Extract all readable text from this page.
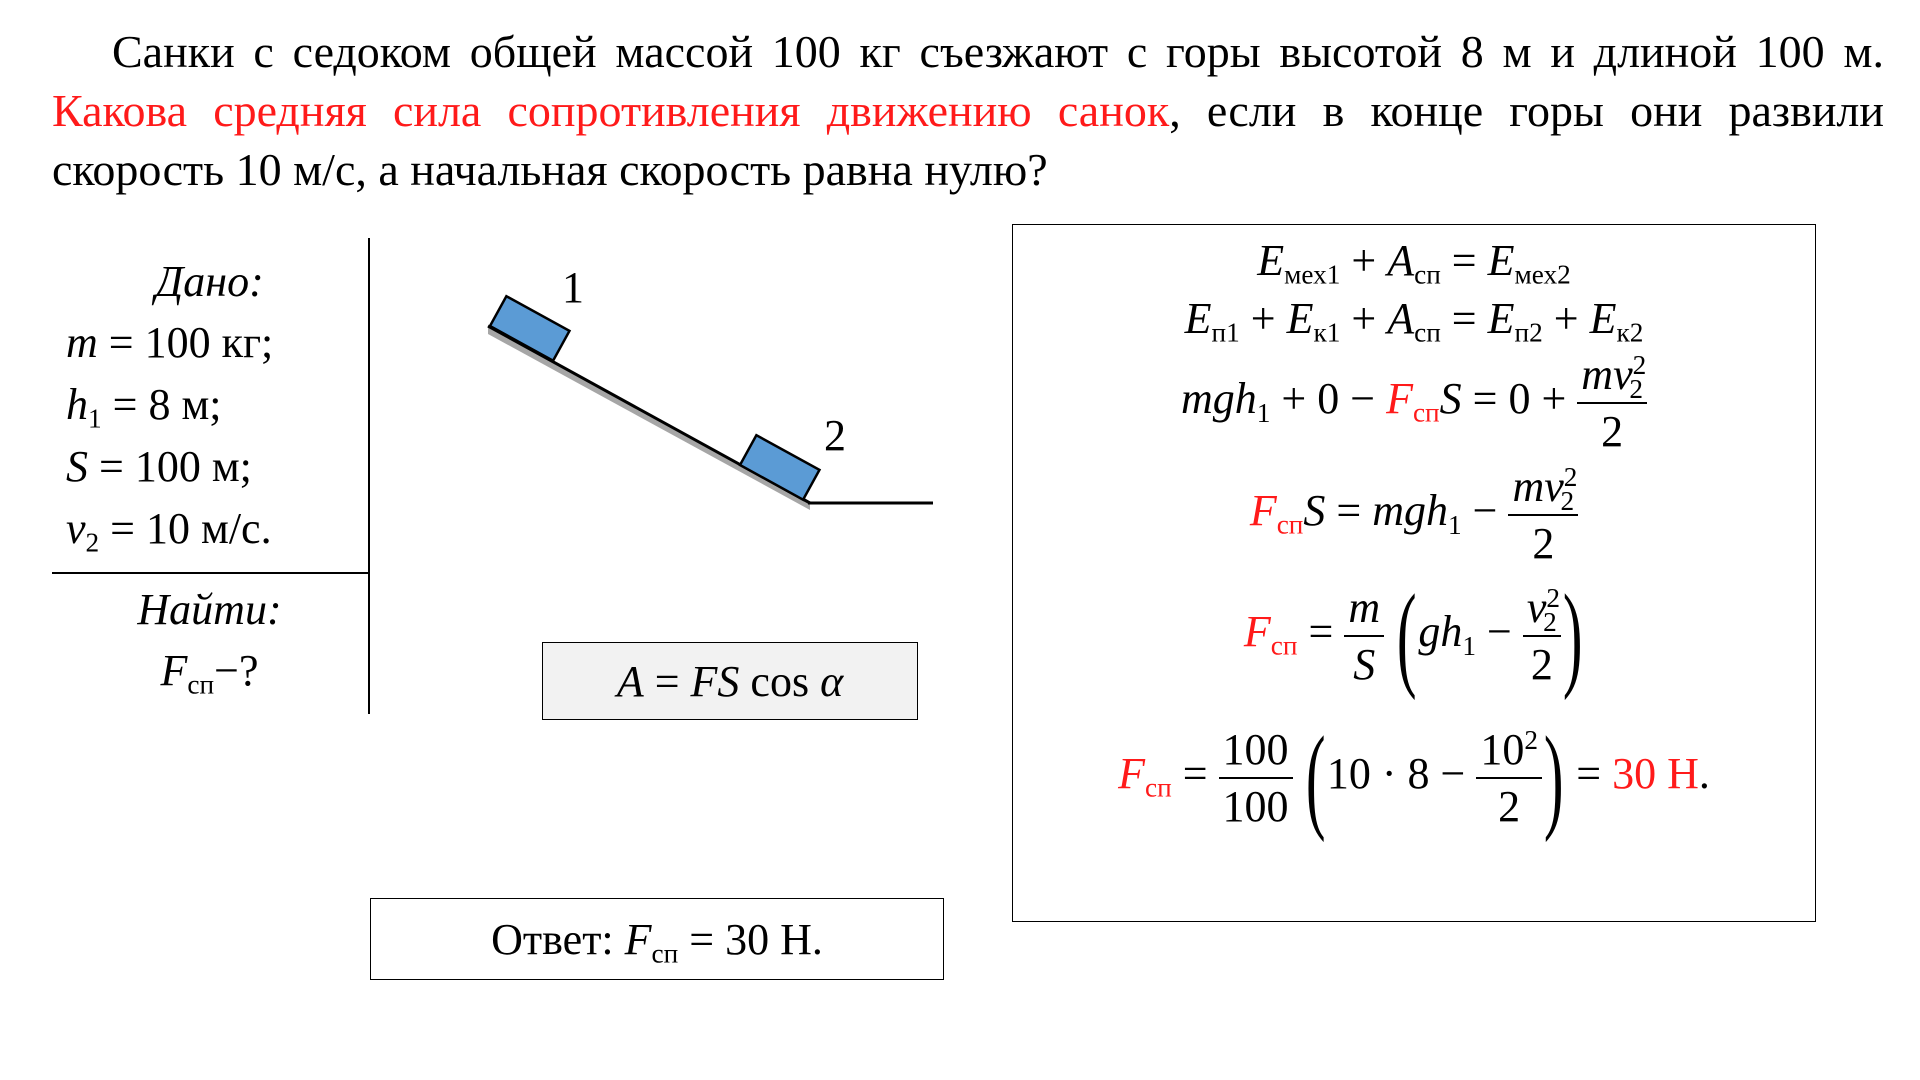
Санки с седоком общей массой 100 кг съезжают с горы высотой 8 м и длиной 100 м. Какова средняя сила сопротивления движению санок, если в конце горы они развили скорость 10 м/с, а начальная скорость равна нулю?
Дано:
m = 100 кг;
$h_1 = 8$ м;
S = 100 м;
$v_2 = 10$ м/с.
Найти:
$F_{сп}-$?
1
2
A = FS cos α
Ответ: $F_{сп} = 30$ Н.
$E_{мех1} + A_{сп} = E_{мех2}$
$E_{п1} + E_{к1} + A_{сп} = E_{п2} + E_{к2}$
$mgh_1 + 0 - F_{сп}S = 0 + \frac{mv^2_2}{2}$
$F_{сп}S = mgh_1 - \frac{mv^2_2}{2}$
$F_{сп} = \frac{m}{S} (gh_1 - \frac{v^2_2}{2}$ )
$F_{сп} = \frac{100}{100} (10 \cdot 8 - \frac{10^2}{2}$ ) = 30 Н.
